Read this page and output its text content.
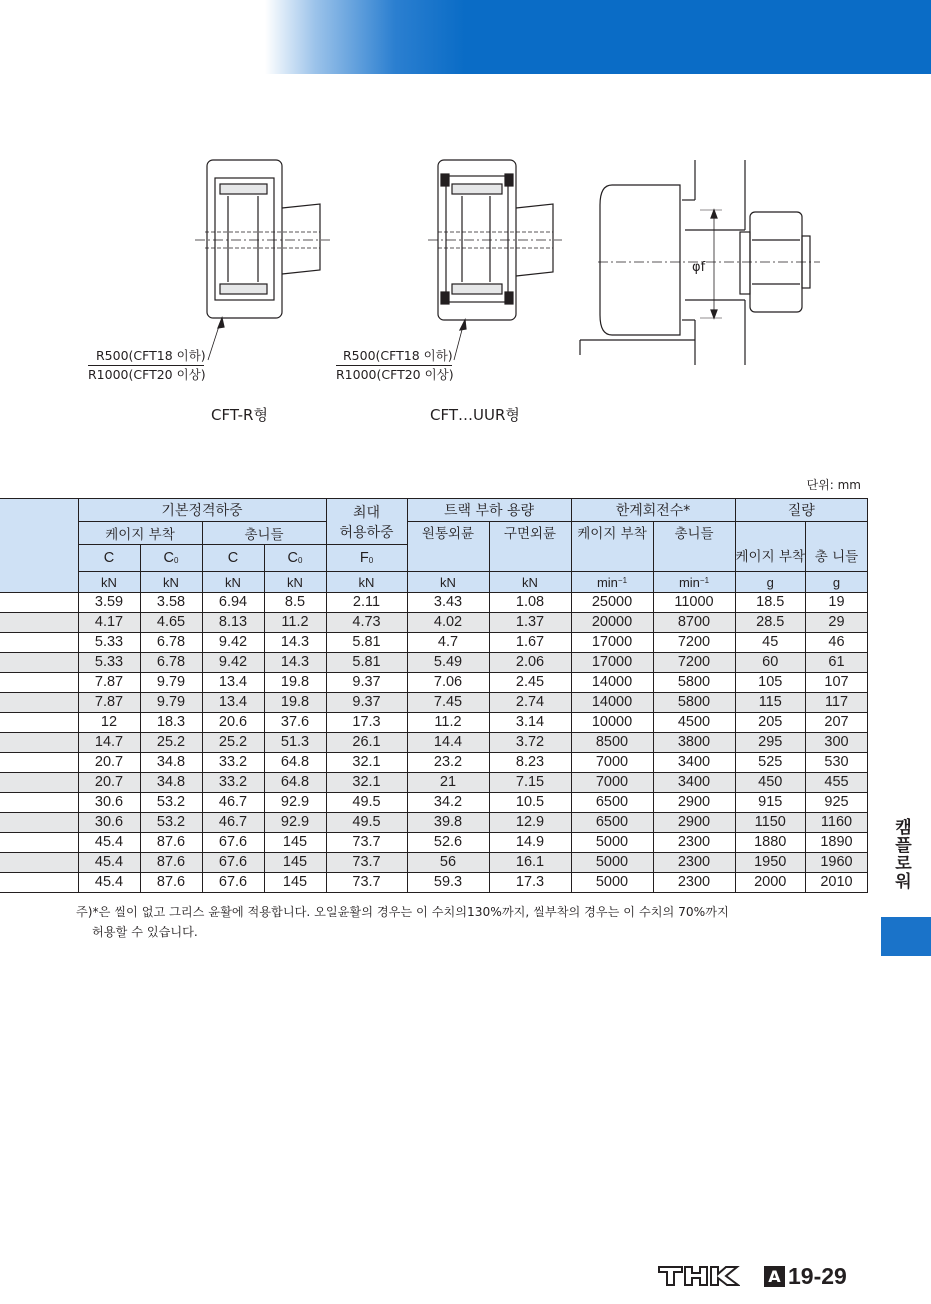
φf
R500(CFT18 이하)
R1000(CFT20 이상)
R500(CFT18 이하)
R1000(CFT20 이상)
CFT-R형	CFT…UUR형
단위: mm
	기본정격하중				최대
허용하중	트랙 부하 용량		한계회전수*		질량	
	케이지 부착		총니들			원통외륜	구면외륜	케이지 부착	총니들	케이지 부착	총 니들
	C	$C_0$	C	$C_0$	$F_0$
	kN	kN	kN	kN	kN	kN	kN	$\min^{-1}$	$\min^{-1}$	g	g
	3.59	3.58	6.94	8.5	2.11	3.43	1.08	25000	11000	18.5	19
	4.17	4.65	8.13	11.2	4.73	4.02	1.37	20000	8700	28.5	29
	5.33	6.78	9.42	14.3	5.81	4.7	1.67	17000	7200	45	46
	5.33	6.78	9.42	14.3	5.81	5.49	2.06	17000	7200	60	61
	7.87	9.79	13.4	19.8	9.37	7.06	2.45	14000	5800	105	107
	7.87	9.79	13.4	19.8	9.37	7.45	2.74	14000	5800	115	117
	12	18.3	20.6	37.6	17.3	11.2	3.14	10000	4500	205	207
	14.7	25.2	25.2	51.3	26.1	14.4	3.72	8500	3800	295	300
	20.7	34.8	33.2	64.8	32.1	23.2	8.23	7000	3400	525	530
	20.7	34.8	33.2	64.8	32.1	21	7.15	7000	3400	450	455
	30.6	53.2	46.7	92.9	49.5	34.2	10.5	6500	2900	915	925
	30.6	53.2	46.7	92.9	49.5	39.8	12.9	6500	2900	1150	1160
	45.4	87.6	67.6	145	73.7	52.6	14.9	5000	2300	1880	1890
	45.4	87.6	67.6	145	73.7	56	16.1	5000	2300	1950	1960
	45.4	87.6	67.6	145	73.7	59.3	17.3	5000	2300	2000	2010
주)*은 씰이 없고 그리스 윤활에 적용합니다. 오일윤활의 경우는 이 수치의130%까지, 씰부착의 경우는 이 수치의 70%까지
허용할 수 있습니다.
캠플로워
A 19-29
